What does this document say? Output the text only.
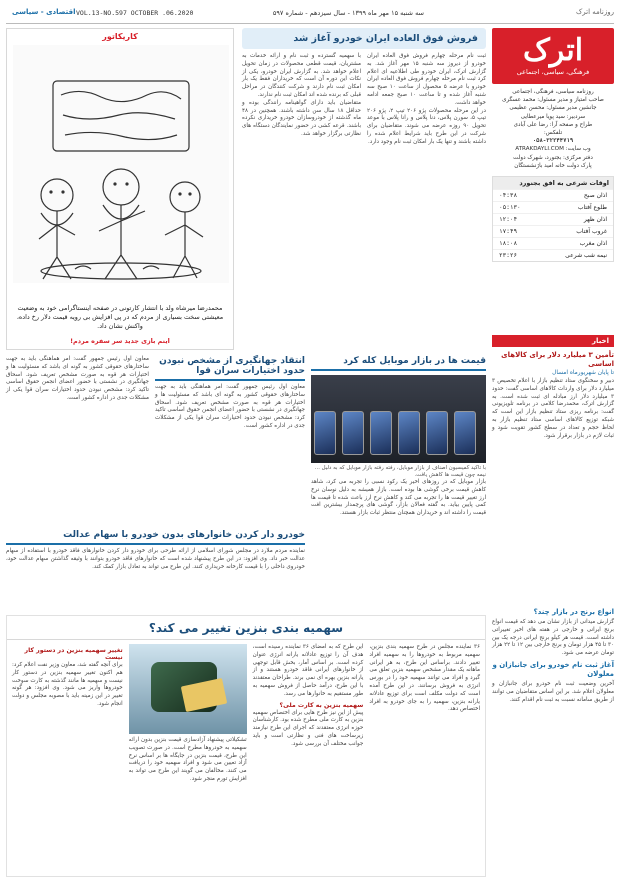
روزنامه اترک
سه شنبه ۱۵ مهر ماه ۱۳۹۹ - سال سیزدهم - شماره ۵۹۷
VOL.13-NO.597 OCTOBER .06.2020
اقتصادی - سیاسی
اترک
فرهنگی، سیاسی، اجتماعی
روزنامه سیاسی، فرهنگی، اجتماعی
صاحب امتیاز و مدیر مسئول: محمد عسگری
جانشین مدیر مسئول: محسن عظیمی
سردبیر: سید پویا میرعطایی
طراح و صفحه آرا: رضا علی آبادی
تلفکس:
۰۵۸-۳۲۲۴۴۷۱۹
وب سایت: ATRAKDAYLI.COM
دفتر مرکزی: بجنورد، شهرک دولت
پارک دولت خانه امید باژنشستگان
اوقات شرعی به افق بجنورد
اذان صبح
۰۴:۳۸
طلوع آفتاب
۰۵:۱۳۰
اذان ظهر
۱۲:۰۴
غروب آفتاب
۱۷:۴۹
اذان مغرب
۱۸:۰۸
نیمه شب شرعی
۲۳:۲۶
اخبار
تأمین ۳ میلیارد دلار برای کالاهای اساسی
تا پایان شهریورماه امسال
دبیر و سخنگوی ستاد تنظیم بازار با اعلام تخصیص ۳ میلیارد دلار برای واردات کالاهای اساسی گفت: حدود ۳ میلیارد دلار ارز مبادله ای ثبت شده است. به گزارش اترک، محمدرضا کلامی در برنامه تلویزیونی گفت: برنامه ریزی ستاد تنظیم بازار این است که شبکه توزیع کالاهای اساسی ستاد تنظیم بازار به لحاظ حجم و تعداد در سطح کشور تقویت شود و ثبات لازم در بازار برقرار شود.
انواع برنج در بازار چند؟
گزارش میدانی از بازار نشان می دهد که قیمت انواع برنج ایرانی و خارجی در هفته های اخیر تغییراتی داشته است. قیمت هر کیلو برنج ایرانی درجه یک بین ۳۰ تا ۴۵ هزار تومان و برنج خارجی بین ۱۲ تا ۲۲ هزار تومان عرضه می شود.
آغاز ثبت نام خودرو برای جانبازان و معلولان
آخرین وضعیت ثبت نام خودرو برای جانبازان و معلولان اعلام شد. بر این اساس متقاضیان می توانند از طریق سامانه نسبت به ثبت نام اقدام کنند.
فروش فوق العاده ایران خودرو آغاز شد

ثبت نام مرحله چهارم فروش فوق العاده ایران خودرو از دیروز سه شنبه ۱۵ مهر آغاز شد. به گزارش اترک، ایران خودرو طی اطلاعیه ای اعلام کرد ثبت نام مرحله چهارم فروش فوق العاده ایران خودرو با عرضه ۵ محصول از ساعت ۱۰ صبح سه شنبه آغاز شده و تا ساعت ۱۰ صبح جمعه ادامه خواهد داشت.

در این مرحله محصولات پژو ۲۰۶ تیپ ۲، پژو ۲۰۶ تیپ ۵، سورن پلاس، دنا پلاس و رانا پلاس با موعد تحویل ۹۰ روزه عرضه می شوند. متقاضیان برای شرکت در این طرح باید شرایط اعلام شده را داشته باشند و تنها یک بار امکان ثبت نام وجود دارد.

با سهمیه گسترده و ثبت نام و ارائه خدمات به مشتریان، قیمت قطعی محصولات در زمان تحویل اعلام خواهد شد. به گزارش ایران خودرو، یکی از نکات این دوره آن است که خریداران فقط یک بار امکان ثبت نام دارند و شرکت کنندگان در مراحل قبلی که برنده شده اند امکان ثبت نام ندارند.

متقاضیان باید دارای گواهینامه رانندگی بوده و حداقل ۱۸ سال سن داشته باشند. همچنین در ۴۸ ماه گذشته از خودروسازان خودرو خریداری نکرده باشند. قرعه کشی در حضور نمایندگان دستگاه های نظارتی برگزار خواهد شد.

کاریکاتور
محمدرضا میرشاه ولد با انتشار کارتونی در صفحه اینستاگرامی خود به وضعیت معیشتی سخت بسیاری از مردم که در پی افزایش بی رویه قیمت دلار رخ داده، واکنش نشان داد.
اینم بازی جدید سر سفره مردم!
قیمت ها در بازار موبایل کله کرد
با تاکید کمیسیون اصناف از بازار موبایل، رفته رفته بازار موبایل که به دلیل ... نیمه چون قیمت ها کاهش یافت.

بازار موبایل که در روزهای اخیر یک رکود نسبی را تجربه می کرد، شاهد کاهش قیمت برخی گوشی ها بوده است. بازار همیشه به دلیل نوسان نرخ ارز تغییر قیمت ها را تجربه می کند و کاهش نرخ ارز باعث شده تا قیمت ها کمی پایین بیاید. به گفته فعالان بازار، گوشی های پرچمدار بیشترین افت قیمت را داشته اند و خریداران همچنان منتظر ثبات بازار هستند.

انتقاد جهانگیری از مشخص نبودن حدود اختیارات سران قوا

معاون اول رئیس جمهور گفت: امر هماهنگی باید به جهت ساختارهای حقوقی کشور به گونه ای باشد که مسئولیت ها و اختیارات هر قوه به صورت مشخص تعریف شود. اسحاق جهانگیری در نشستی با حضور اعضای انجمن حقوق اساسی تاکید کرد: مشخص نبودن حدود اختیارات سران قوا یکی از مشکلات جدی در اداره کشور است.

معاون اول رئیس جمهور گفت: امر هماهنگی باید به جهت ساختارهای حقوقی کشور به گونه ای باشد که مسئولیت ها و اختیارات هر قوه به صورت مشخص تعریف شود. اسحاق جهانگیری در نشستی با حضور اعضای انجمن حقوق اساسی تاکید کرد: مشخص نبودن حدود اختیارات سران قوا یکی از مشکلات جدی در اداره کشور است.

خودرو دار کردن خانوارهای بدون خودرو با سهام عدالت

نماینده مردم ملارد در مجلس شورای اسلامی از ارائه طرحی برای خودرو دار کردن خانوارهای فاقد خودرو با استفاده از سهام عدالت خبر داد. وی افزود: در این طرح پیشنهاد شده است که خانوارهای فاقد خودرو بتوانند با وثیقه گذاشتن سهام عدالت خود، خودروی داخلی را با قیمت کارخانه خریداری کنند. این طرح می تواند به تعادل بازار کمک کند.

سهمیه بندی بنزین تغییر می کند؟

۳۶ نماینده مجلس در طرح سهمیه بندی بنزین، سهمیه مربوط به خودروها را به سهمیه افراد تغییر دادند. براساس این طرح، به هر ایرانی ماهانه یک مقدار مشخص سهمیه بنزین تعلق می گیرد و افراد می توانند سهمیه خود را در بورس انرژی به فروش برسانند. در این طرح آمده است که دولت مکلف است برای توزیع عادلانه یارانه بنزین، سهمیه را به جای خودرو به افراد اختصاص دهد.

این طرح که به امضای ۳۶ نماینده رسیده است، هدف آن را توزیع عادلانه یارانه انرژی عنوان کرده است. بر اساس آمار، بخش قابل توجهی از خانوارهای ایرانی فاقد خودرو هستند و از یارانه بنزین بهره ای نمی برند. طراحان معتقدند با این طرح، درآمد حاصل از فروش سهمیه به طور مستقیم به خانوارها می رسد.

سهمیه بنزین به کارت ملی؟

پیش از این نیز طرح هایی برای اختصاص سهمیه بنزین به کارت ملی مطرح شده بود. کارشناسان حوزه انرژی معتقدند که اجرای این طرح نیازمند زیرساخت های فنی و نظارتی است و باید جوانب مختلف آن بررسی شود.

تشکیلاتی پیشنهاد آزادسازی قیمت بنزین بدون ارائه سهمیه به خودروها مطرح است. در صورت تصویب این طرح، قیمت بنزین در جایگاه ها بر اساس نرخ آزاد تعیین می شود و افراد سهمیه خود را دریافت می کنند. مخالفان می گویند این طرح می تواند به افزایش تورم منجر شود.

تغییر سهمیه بنزین در دستور کار نیست

برای آنچه گفته شد، معاون وزیر نفت اعلام کرد: هم اکنون تغییر سهمیه بنزین در دستور کار نیست و سهمیه ها مانند گذشته به کارت سوخت خودروها واریز می شود. وی افزود: هر گونه تغییر در این زمینه باید با مصوبه مجلس و دولت انجام شود.
